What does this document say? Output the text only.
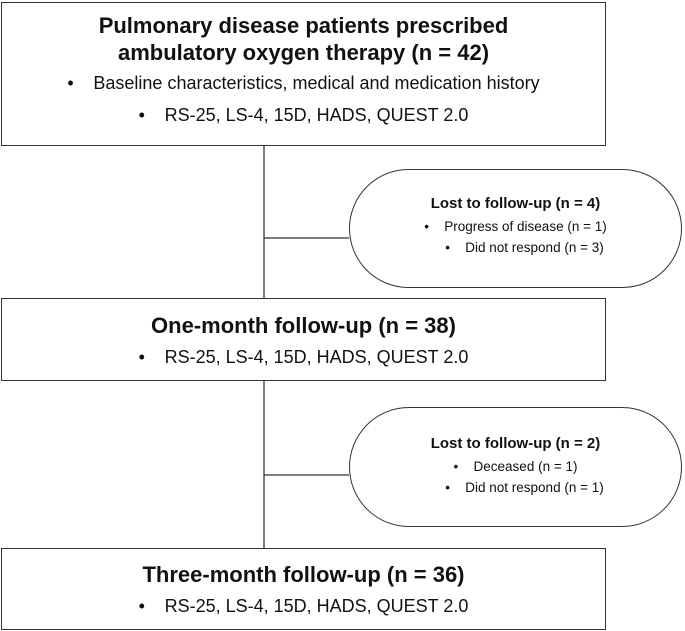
Pulmonary disease patients prescribed
ambulatory oxygen therapy (n = 42)
• Baseline characteristics, medical and medication history
• RS-25, LS-4, 15D, HADS, QUEST 2.0
Lost to follow-up (n = 4)
• Progress of disease (n = 1)
• Did not respond (n = 3)
One-month follow-up (n = 38)
• RS-25, LS-4, 15D, HADS, QUEST 2.0
Lost to follow-up (n = 2)
• Deceased (n = 1)
• Did not respond (n = 1)
Three-month follow-up (n = 36)
• RS-25, LS-4, 15D, HADS, QUEST 2.0
